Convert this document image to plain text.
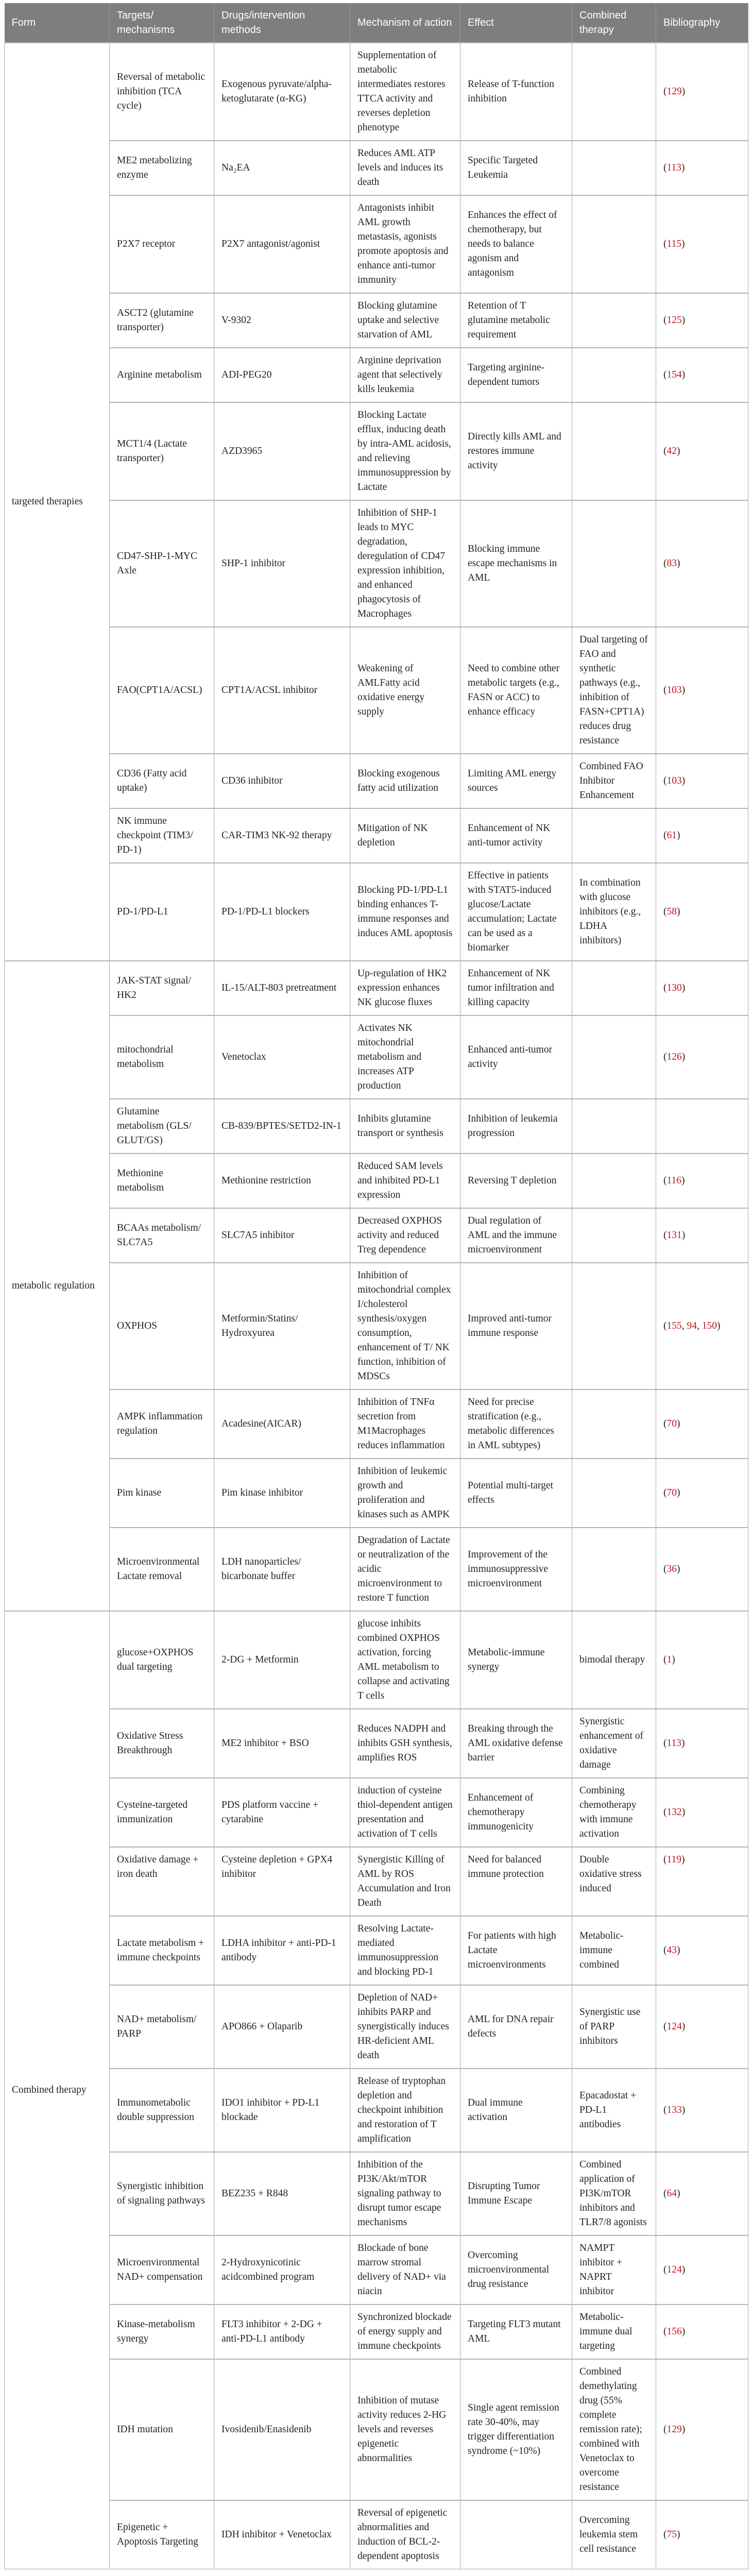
Form	Targets/ mechanisms	Drugs/intervention methods	Mechanism of action	Effect	Combined therapy	Bibliography
targeted therapies	Reversal of metabolic inhibition (TCA cycle)	Exogenous pyruvate/alpha-ketoglutarate (α-KG)	Supplementation of metabolic intermediates restores TTCA activity and reverses depletion phenotype	Release of T-function inhibition		(129)
	ME2 metabolizing enzyme	Na₂EA	Reduces AML ATP levels and induces its death	Specific Targeted Leukemia		(113)
	P2X7 receptor	P2X7 antagonist/agonist	Antagonists inhibit AML growth metastasis, agonists promote apoptosis and enhance anti-tumor immunity	Enhances the effect of chemotherapy, but needs to balance agonism and antagonism		(115)
	ASCT2 (glutamine transporter)	V-9302	Blocking glutamine uptake and selective starvation of AML	Retention of T glutamine metabolic requirement		(125)
	Arginine metabolism	ADI-PEG20	Arginine deprivation agent that selectively kills leukemia	Targeting arginine-dependent tumors		(154)
	MCT1/4 (Lactate transporter)	AZD3965	Blocking Lactate efflux, inducing death by intra-AML acidosis, and relieving immunosuppression by Lactate	Directly kills AML and restores immune activity		(42)
	CD47-SHP-1-MYC Axle	SHP-1 inhibitor	Inhibition of SHP-1 leads to MYC degradation, deregulation of CD47 expression inhibition, and enhanced phagocytosis of Macrophages	Blocking immune escape mechanisms in AML		(83)
	FAO(CPT1A/ACSL)	CPT1A/ACSL inhibitor	Weakening of AMLFatty acid oxidative energy supply	Need to combine other metabolic targets (e.g., FASN or ACC) to enhance efficacy	Dual targeting of FAO and synthetic pathways (e.g., inhibition of FASN+CPT1A) reduces drug resistance	(103)
	CD36 (Fatty acid uptake)	CD36 inhibitor	Blocking exogenous fatty acid utilization	Limiting AML energy sources	Combined FAO Inhibitor Enhancement	(103)
	NK immune checkpoint (TIM3/ PD-1)	CAR-TIM3 NK-92 therapy	Mitigation of NK depletion	Enhancement of NK anti-tumor activity		(61)
	PD-1/PD-L1	PD-1/PD-L1 blockers	Blocking PD-1/PD-L1 binding enhances T-immune responses and induces AML apoptosis	Effective in patients with STAT5-induced glucose/Lactate accumulation; Lactate can be used as a biomarker	In combination with glucose inhibitors (e.g., LDHA inhibitors)	(58)
metabolic regulation	JAK-STAT signal/ HK2	IL-15/ALT-803 pretreatment	Up-regulation of HK2 expression enhances NK glucose fluxes	Enhancement of NK tumor infiltration and killing capacity		(130)
	mitochondrial metabolism	Venetoclax	Activates NK mitochondrial metabolism and increases ATP production	Enhanced anti-tumor activity		(126)
	Glutamine metabolism (GLS/ GLUT/GS)	CB-839/BPTES/SETD2-IN-1	Inhibits glutamine transport or synthesis	Inhibition of leukemia progression		
	Methionine metabolism	Methionine restriction	Reduced SAM levels and inhibited PD-L1 expression	Reversing T depletion		(116)
	BCAAs metabolism/ SLC7A5	SLC7A5 inhibitor	Decreased OXPHOS activity and reduced Treg dependence	Dual regulation of AML and the immune microenvironment		(131)
	OXPHOS	Metformin/Statins/ Hydroxyurea	Inhibition of mitochondrial complex I/cholesterol synthesis/oxygen consumption, enhancement of T/ NK function, inhibition of MDSCs	Improved anti-tumor immune response		(155, 94, 150)
	AMPK inflammation regulation	Acadesine(AICAR)	Inhibition of TNFα secretion from M1Macrophages reduces inflammation	Need for precise stratification (e.g., metabolic differences in AML subtypes)		(70)
	Pim kinase	Pim kinase inhibitor	Inhibition of leukemic growth and proliferation and kinases such as AMPK	Potential multi-target effects		(70)
	Microenvironmental Lactate removal	LDH nanoparticles/ bicarbonate buffer	Degradation of Lactate or neutralization of the acidic microenvironment to restore T function	Improvement of the immunosuppressive microenvironment		(36)
Combined therapy	glucose+OXPHOS dual targeting	2-DG + Metformin	glucose inhibits combined OXPHOS activation, forcing AML metabolism to collapse and activating T cells	Metabolic-immune synergy	bimodal therapy	(1)
	Oxidative Stress Breakthrough	ME2 inhibitor + BSO	Reduces NADPH and inhibits GSH synthesis, amplifies ROS	Breaking through the AML oxidative defense barrier	Synergistic enhancement of oxidative damage	(113)
	Cysteine-targeted immunization	PDS platform vaccine + cytarabine	induction of cysteine thiol-dependent antigen presentation and activation of T cells	Enhancement of chemotherapy immunogenicity	Combining chemotherapy with immune activation	(132)
	Oxidative damage + iron death	Cysteine depletion + GPX4 inhibitor	Synergistic Killing of AML by ROS Accumulation and Iron Death	Need for balanced immune protection	Double oxidative stress induced	(119)
	Lactate metabolism + immune checkpoints	LDHA inhibitor + anti-PD-1 antibody	Resolving Lactate-mediated immunosuppression and blocking PD-1	For patients with high Lactate microenvironments	Metabolic-immune combined	(43)
	NAD+ metabolism/ PARP	APO866 + Olaparib	Depletion of NAD+ inhibits PARP and synergistically induces HR-deficient AML death	AML for DNA repair defects	Synergistic use of PARP inhibitors	(124)
	Immunometabolic double suppression	IDO1 inhibitor + PD-L1 blockade	Release of tryptophan depletion and checkpoint inhibition and restoration of T amplification	Dual immune activation	Epacadostat + PD-L1 antibodies	(133)
	Synergistic inhibition of signaling pathways	BEZ235 + R848	Inhibition of the PI3K/Akt/mTOR signaling pathway to disrupt tumor escape mechanisms	Disrupting Tumor Immune Escape	Combined application of PI3K/mTOR inhibitors and TLR7/8 agonists	(64)
	Microenvironmental NAD+ compensation	2-Hydroxynicotinic acidcombined program	Blockade of bone marrow stromal delivery of NAD+ via niacin	Overcoming microenvironmental drug resistance	NAMPT inhibitor + NAPRT inhibitor	(124)
	Kinase-metabolism synergy	FLT3 inhibitor + 2-DG + anti-PD-L1 antibody	Synchronized blockade of energy supply and immune checkpoints	Targeting FLT3 mutant AML	Metabolic-immune dual targeting	(156)
	IDH mutation	Ivosidenib/Enasidenib	Inhibition of mutase activity reduces 2-HG levels and reverses epigenetic abnormalities	Single agent remission rate 30-40%, may trigger differentiation syndrome (~10%)	Combined demethylating drug (55% complete remission rate); combined with Venetoclax to overcome resistance	(129)
	Epigenetic + Apoptosis Targeting	IDH inhibitor + Venetoclax	Reversal of epigenetic abnormalities and induction of BCL-2-dependent apoptosis		Overcoming leukemia stem cell resistance	(75)
